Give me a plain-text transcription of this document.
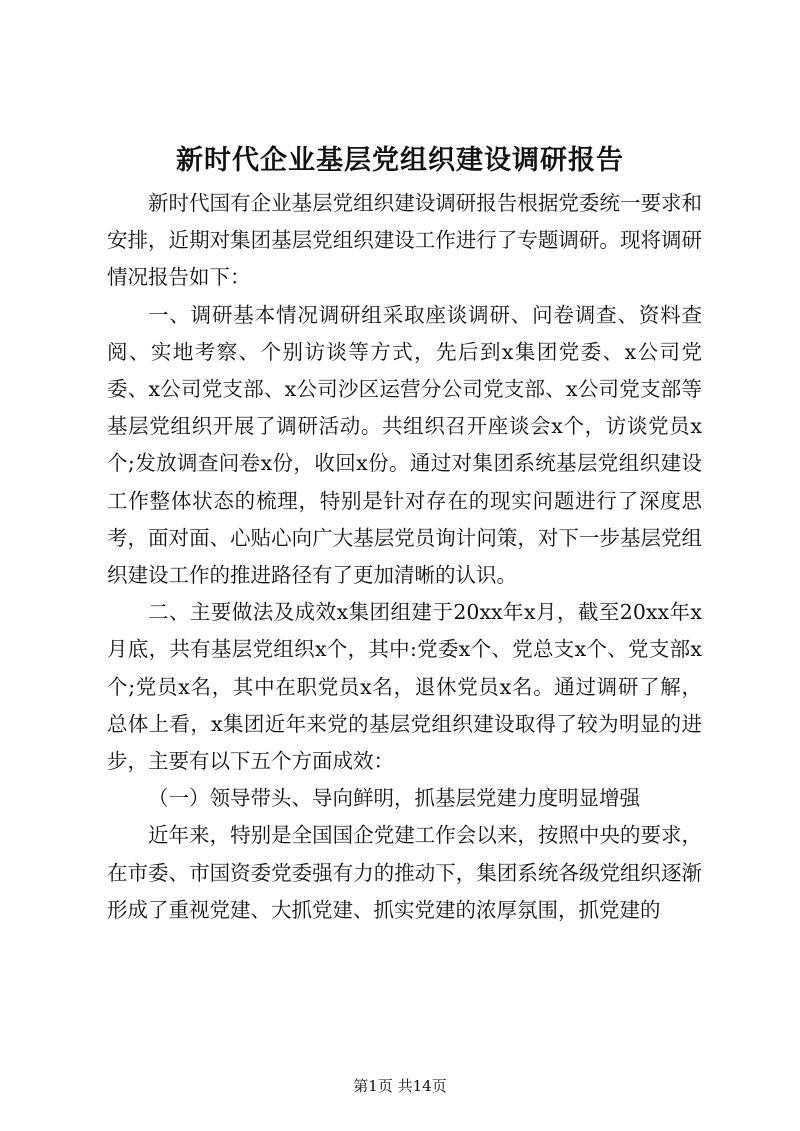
新时代企业基层党组织建设调研报告

新时代国有企业基层党组织建设调研报告根据党委统一要求和安排，近期对集团基层党组织建设工作进行了专题调研。现将调研情况报告如下：

一、调研基本情况调研组采取座谈调研、问卷调查、资料查阅、实地考察、个别访谈等方式，先后到x集团党委、x公司党委、x公司党支部、x公司沙区运营分公司党支部、x公司党支部等基层党组织开展了调研活动。共组织召开座谈会x个，访谈党员x个;发放调查问卷x份，收回x份。通过对集团系统基层党组织建设工作整体状态的梳理，特别是针对存在的现实问题进行了深度思考，面对面、心贴心向广大基层党员询计问策，对下一步基层党组织建设工作的推进路径有了更加清晰的认识。

二、主要做法及成效x集团组建于20xx年x月，截至20xx年x月底，共有基层党组织x个，其中:党委x个、党总支x个、党支部x个;党员x名，其中在职党员x名，退休党员x名。通过调研了解，总体上看，x集团近年来党的基层党组织建设取得了较为明显的进步，主要有以下五个方面成效：

（一）领导带头、导向鲜明，抓基层党建力度明显增强

近年来，特别是全国国企党建工作会以来，按照中央的要求，在市委、市国资委党委强有力的推动下，集团系统各级党组织逐渐形成了重视党建、大抓党建、抓实党建的浓厚氛围，抓党建的

第1页 共14页
